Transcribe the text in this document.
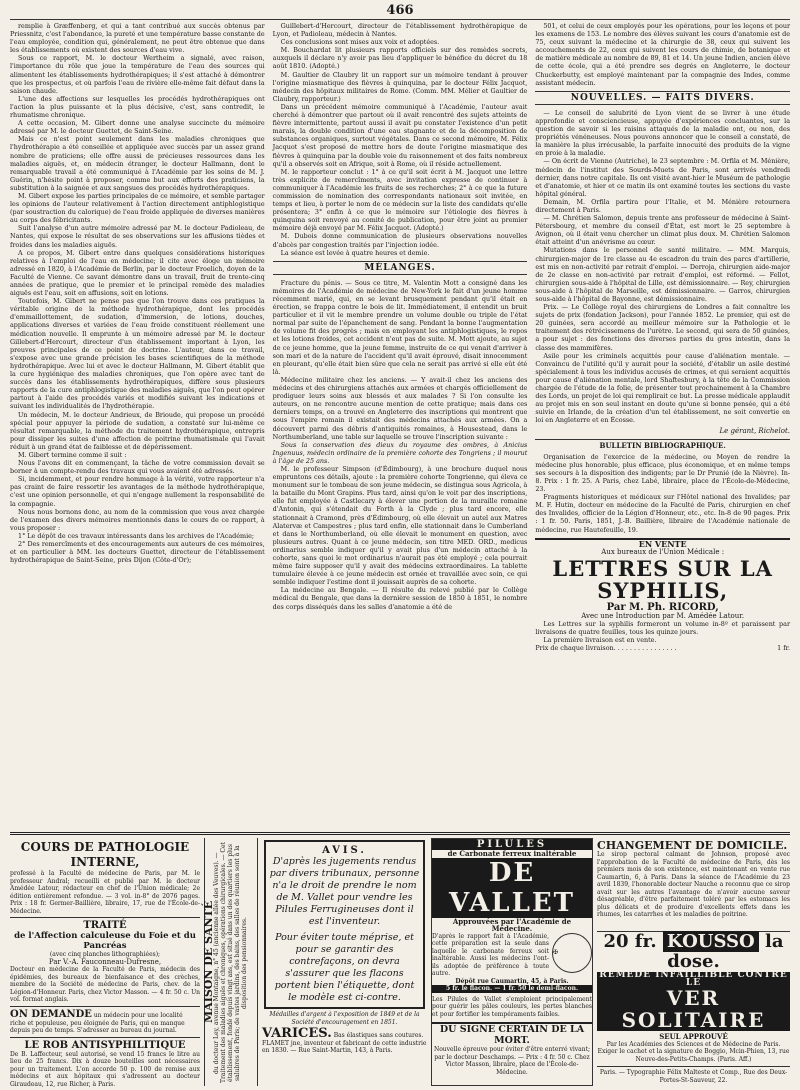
466

remplie à Græffenberg, et qui a tant contribué aux succès obtenus par Priessnitz, c'est l'abondance, la pureté et une température basse constante de l'eau employée, condition qui, généralement, ne peut être obtenue que dans les établissements où existent des sources d'eau vive.

Sous ce rapport, M. le docteur Wertheim a signalé, avec raison, l'importance du rôle que joue la température de l'eau des sources qui alimentent les établissements hydrothérapiques; il s'est attaché à démontrer que les prospectus, et où parfois l'eau de rivière elle-même fait défaut dans la saison chaude.

L'une des affections sur lesquelles les procédés hydrothérapiques ont l'action la plus puissante et la plus décisive, c'est, sans contredit, le rhumatisme chronique.

A cette occasion, M. Gibert donne une analyse succincte du mémoire adressé par M. le docteur Guettet, de Saint-Seine.

Mais ce n'est point seulement dans les maladies chroniques que l'hydrothérapie a été conseillée et appliquée avec succès par un assez grand nombre de praticiens; elle offre aussi de précieuses ressources dans les maladies aiguës, et, en médecin étranger, le docteur Hallmann, dont le remarquable travail a été communiqué à l'Académie par les soins de M. J. Guérin, n'hésite point à proposer, comme but aux efforts des praticiens, la substitution à la saignée et aux sangsues des procédés hydrothérapiques.

M. Gibert expose les parties principales de ce mémoire, et semble partager les opinions de l'auteur relativement à l'action directement antiphlogistique (par soustraction du calorique) de l'eau froide appliquée de diverses manières au corps des fébricitants.

Suit l'analyse d'un autre mémoire adressé par M. le docteur Padioleau, de Nantes, qui expose le résultat de ses observations sur les affusions tièdes et froides dans les maladies aiguës.

A ce propos, M. Gibert entre dans quelques considérations historiques relatives à l'emploi de l'eau en médecine; il cite avec éloge un mémoire adressé en 1820, à l'Académie de Berlin, par le docteur Froelich, doyen de la Faculté de Vienne. Ce savant démontre dans un travail, fruit de trente-cinq années de pratique, que le premier et le principal remède des maladies aiguës est l'eau, soit en affusions, soit en lotions.

Toutefois, M. Gibert ne pense pas que l'on trouve dans ces pratiques la véritable origine de la méthode hydrothérapique, dont les procédés d'emmaillottement, de sudation, d'immersion, de lotions, douches, applications diverses et variées de l'eau froide constituent réellement une médication nouvelle. Il emprunte à un mémoire adressé par M. le docteur Gillebert-d'Hercourt, directeur d'un établissement important à Lyon, les preuves principales de ce point de doctrine. L'auteur, dans ce travail, s'expose avec une grande précision les bases scientifiques de la méthode hydrothérapique. Avec lui et avec le docteur Hallmann, M. Gibert établit que la cure hygiénique des maladies chroniques, que l'on opère avec tant de succès dans les établissements hydrothérapiques, diffère sous plusieurs rapports de la cure antiphlogistique des maladies aiguës, que l'on peut opérer partout à l'aide des procédés variés et modifiés suivant les indications et suivant les individualités de l'hydrothérapie.

Un médecin, M. le docteur Andrieux, de Brioude, qui propose un procédé spécial pour appuyer la période de sudation, a constaté sur lui-même ce résultat remarquable, la méthode du traitement hydrothérapique, entrepris pour dissiper les suites d'une affection de poitrine rhumatismale qui l'avait réduit à un grand état de faiblesse et de dépérissement.

M. Gibert termine comme il suit :

Nous l'avons dit en commençant, la tâche de votre commission devait se borner à un compte-rendu des travaux qui vous avaient été adressés.

Si, incidemment, et pour rendre hommage à la vérité, votre rapporteur n'a pas craint de faire ressortir les avantages de la méthode hydrothérapique, c'est une opinion personnelle, et qui n'engage nullement la responsabilité de la compagnie.

Nous nous bornons donc, au nom de la commission que vous avez chargée de l'examen des divers mémoires mentionnés dans le cours de ce rapport, à vous proposer :

1° Le dépôt de ces travaux intéressants dans les archives de l'Académie;

2° Des remercîments et des encouragements aux auteurs de ces mémoires, et en particulier à MM. les docteurs Guettet, directeur de l'établissement hydrothérapique de Saint-Seine, près Dijon (Côte-d'Or);

Guillebert-d'Hercourt, directeur de l'établissement hydrothérapique de Lyon, et Padioleau, médecin à Nantes.

Ces conclusions sont mises aux voix et adoptées.

M. Bouchardat lit plusieurs rapports officiels sur des remèdes secrets, auxquels il déclare n'y avoir pas lieu d'appliquer le bénéfice du décret du 18 août 1810. (Adopté.)

M. Gaultier de Claubry lit un rapport sur un mémoire tendant à prouver l'origine miasmatique des fièvres à quinquina, par le docteur Félix Jacquot, médecin des hôpitaux militaires de Rome. (Comm. MM. Mélier et Gaultier de Claubry, rapporteur.)

Dans un précédent mémoire communiqué à l'Académie, l'auteur avait cherché à démontrer que partout où il avait rencontré des sujets atteints de fièvre intermittente, partout aussi il avait pu constater l'existence d'un petit marais, la double condition d'une eau stagnante et de la décomposition de substances organiques, surtout végétales. Dans ce second mémoire, M. Félix Jacquot s'est proposé de mettre hors de doute l'origine miasmatique des fièvres à quinquina par la double voie du raisonnement et des faits nombreux qu'il a observés soit en Afrique, soit à Rome, où il réside actuellement.

M. le rapporteur conclut : 1° à ce qu'il soit écrit à M. Jacquot une lettre très explicite de remercîments, avec invitation expresse de continuer à communiquer à l'Académie les fruits de ses recherches; 2° à ce que la future commission de nomination des correspondants nationaux soit invitée, en temps et lieu, à porter le nom de ce médecin sur la liste des candidats qu'elle présentera; 3° enfin à ce que le mémoire sur l'étiologie des fièvres à quinquina soit renvoyé au comité de publication, pour être joint au premier mémoire déjà envoyé par M. Félix Jacquot. (Adopté.)

M. Dubois donne communication de plusieurs observations nouvelles d'abcès par congestion traités par l'injection iodée.

La séance est levée à quatre heures et demie.

MÉLANGES.

Fracture du pénis. — Sous ce titre, M. Valentin Mott a consigné dans les mémoires de l'Académie de médecine de New-York le fait d'un jeune homme récemment marié, qui, en se levant brusquement pendant qu'il était en érection, se frappa contre le bois de lit. Immédiatement, il entendit un bruit particulier et il vit le membre prendre un volume double ou triple de l'état normal par suite de l'épanchement de sang. Pendant la bonne l'augmentation de volume fit des progrès ; mais en employant les antiphlogistiques, le repos et les lotions froides, cet accident n'eut pas de suite. M. Mott ajoute, au sujet de ce jeune homme, que la jeune femme, instruite de ce qui venait d'arriver à son mari et de la nature de l'accident qu'il avait éprouvé, disait innocemment en pleurant, qu'elle était bien sûre que cela ne serait pas arrivé si elle eût été là.

Médecine militaire chez les anciens. — Y avait-il chez les anciens des médecins et des chirurgiens attachés aux armées et chargés officiellement de prodiguer leurs soins aux blessés et aux malades ? Si l'on consulte les auteurs, on ne rencontre aucune mention de cette pratique; mais dans ces derniers temps, on a trouvé en Angleterre des inscriptions qui montrent que sous l'empire romain il existait des médecins attachés aux armées. On a découvert parmi des débris d'antiquités romaines, à Housestead, dans le Northumberland, une table sur laquelle se trouve l'inscription suivante :

Sous la conservation des dieux du royaume des ombres, à Anicius Ingenuus, médecin ordinaire de la première cohorte des Tongriens ; il mourut à l'âge de 25 ans.

M. le professeur Simpson (d'Édimbourg), à une brochure duquel nous empruntons ces détails, ajoute : la première cohorte Tongrienne, qui éleva ce monument sur le tombeau de son jeune médecin, se distingua sous Agricola, à la bataille du Mont Grapins. Plus tard, ainsi qu'on le voit par des inscriptions, elle fut employée à Castlecary à élever une portion de la muraille romaine d'Antonin, qui s'étendait du Forth à la Clyde ; plus tard encore, elle stationnait à Cramond, près d'Édimbourg, où elle élevait un autel aux Matres Alatervæ et Campestres ; plus tard enfin, elle stationnait dans le Cumberland et dans le Northumberland, où elle élevait le monument en question, avec plusieurs autres. Quant à ce jeune médecin, son titre MED. ORD., medicus ordinarius semble indiquer qu'il y avait plus d'un médecin attaché à la cohorte, sans quoi le mot ordinarius n'aurait pas été employé ; cela pourrait même faire supposer qu'il y avait des médecins extraordinaires. La tablette tumulaire élevée à ce jeune médecin est ornée et travaillée avec soin, ce qui semble indiquer l'estime dont il jouissait auprès de sa cohorte.

La médecine au Bengale. — Il résulte du relevé publié par le Collège médical du Bengale, que dans la dernière session de 1850 à 1851, le nombre des corps disséqués dans les salles d'anatomie a été de

501, et celui de ceux employés pour les opérations, pour les leçons et pour les examens de 153. Le nombre des élèves suivant les cours d'anatomie est de 75, ceux suivant la médecine et la chirurgie de 38, ceux qui suivent les accouchements de 22, ceux qui suivent les cours de chimie, de botanique et de matière médicale au nombre de 89, 81 et 14. Un jeune Indien, ancien élève de cette école, qui a été prendre ses degrés en Angleterre, le docteur Chuckerbutty, est employé maintenant par la compagnie des Indes, comme assistant médecin.

NOUVELLES. — FAITS DIVERS.

— Le conseil de salubrité de Lyon vient de se livrer à une étude approfondie et consciencieuse, appuyée d'expériences concluantes, sur la question de savoir si les raisins attaqués de la maladie ont, ou non, des propriétés vénéneuses. Nous pouvons annoncer que le conseil a constaté, de la manière la plus irrécusable, la parfaite innocuité des produits de la vigne en proie à la maladie.

— On écrit de Vienne (Autriche), le 23 septembre : M. Orfila et M. Ménière, médecin de l'institut des Sourds-Muets de Paris, sont arrivés vendredi dernier, dans notre capitale. Ils ont visité avant-hier le Muséum de pathologie et d'anatomie, et hier et ce matin ils ont examiné toutes les sections du vaste hôpital général.

Demain, M. Orfila partira pour l'Italie, et M. Ménière retournera directement à Paris.

— M. Chrétien Salomon, depuis trente ans professeur de médecine à Saint-Pétersbourg, et membre du conseil d'État, est mort le 25 septembre à Avignon, où il était venu chercher un climat plus doux. M. Chrétien Salomon était atteint d'un anévrisme au cœur.

Mutations dans le personnel de santé militaire. — MM. Marquis, chirurgien-major de 1re classe au 4e escadron du train des parcs d'artillerie, est mis en non-activité par retrait d'emploi. — Derroja, chirurgien aide-major de 2e classe en non-activité par retrait d'emploi, est réformé. — Fellot, chirurgien sous-aide à l'hôpital de Lille, est démissionnaire. — Rey, chirurgien sous-aide à l'hôpital de Marseille, est démissionnaire. — Garros, chirurgien sous-aide à l'hôpital de Bayonne, est démissionnaire.

Prix. — Le Collège royal des chirurgiens de Londres a fait connaître les sujets de prix (fondation Jackson), pour l'année 1852. Le premier, qui est de 20 guinées, sera accordé au meilleur mémoire sur la Pathologie et le traitement des rétrécissemens de l'urètre. Le second, qui sera de 50 guinées, a pour sujet : des fonctions des diverses parties du gros intestin, dans la classe des mammifères.

Asile pour les criminels acquittés pour cause d'aliénation mentale. — Convaincu de l'utilité qu'il y aurait pour la société, d'établir un asile destiné spécialement à tous les individus accusés de crimes, et qui seraient acquittés pour cause d'aliénation mentale, lord Shaftesbury, à la tête de la Commission chargée de l'étude de la folie, de présenter tout prochainement à la Chambre des Lords, un projet de loi qui remplirait ce but. La presse médicale applaudit au projet mis en son seul instant en doute qu'une si bonne pensée, qui a été suivie en Irlande, de la création d'un tel établissement, ne soit convertie en loi en Angleterre et en Écosse.

Le gérant, Richelot.
BULLETIN BIBLIOGRAPHIQUE.

Organisation de l'exercice de la médecine, ou Moyen de rendre la médecine plus honorable, plus efficace, plus économique, et en même temps ses secours à la disposition des indigents; par le Dr Prunié (de la Nièvre). In-8. Prix : 1 fr. 25. A Paris, chez Labé, libraire, place de l'École-de-Médecine, 23.

Fragments historiques et médicaux sur l'Hôtel national des Invalides; par M. F. Hutin, docteur en médecine de la Faculté de Paris, chirurgien en chef des Invalides, officier de la Légion d'Honneur, etc., etc. In-8 de 90 pages. Prix : 1 fr. 50. Paris, 1851, J.-B. Baillière, libraire de l'Académie nationale de médecine, rue Hautefeuille, 19.

EN VENTE
Aux bureaux de l'Union Médicale :
LETTRES SUR LA SYPHILIS,
Par M. Ph. RICORD,
Avec une Introduction par M. Amédée Latour.

Les Lettres sur la syphilis formeront un volume in-8º et paraissent par livraisons de quatre feuilles, tous les quinze jours.

La première livraison est en vente.

Prix de chaque livraison. . . . . . . . . . . . . . . .	1 fr.
COURS DE PATHOLOGIE INTERNE,
professé à la Faculté de médecine de Paris, par M. le professeur Andral; recueilli et publié par M. le docteur Amédée Latour, rédacteur en chef de l'Union médicale; 2e édition entièrement refondue. — 3 vol. in-8° de 2076 pages. Prix : 18 fr. Germer-Baillière, libraire, 17, rue de l'École-de-Médecine.
TRAITÉ
de l'Affection calculeuse du Foie et du Pancréas
(avec cinq planches lithographiées);
Par V.-A. Fauconneau-Dufresne,
Docteur en médecine de la Faculté de Paris, médecin des épidémies, des bureaux de bienfaisance et des crèches, membre de la Société de médecine de Paris, chev. de la Légion-d'Honneur. Paris, chez Victor Masson. — 4 fr. 50 c. Un vol. format anglais.
ON DEMANDE un médecin pour une localité riche et populeuse, peu éloignée de Paris, qui en manque depuis peu de temps. S'adresser au bureau du journal.
LE ROB ANTISYPHILITIQUE
De B. Laffecteur, seul autorisé, se vend 15 francs le litre au lieu de 25 francs. Dix à douze bouteilles sont nécessaires pour un traitement. L'on accorde 50 p. 100 de remise aux médecins et aux hôpitaux qui s'adressent au docteur Giraudeau, 12, rue Richer, à Paris.
MAISON DE SANTÉ
du docteur Ley, avenue Montaigne, n° 45 (ancienne allée des Veuves). — Traitement des maladies aiguës et chroniques, opérations chirurgicales. — Cet établissement, fondé depuis vingt ans, est situé dans un des quartiers les plus salubres de Paris; de vastes jardins, des bains, des salles de réunion sont à la disposition des pensionnaires.
AVIS.
D'après les jugements rendus par divers tribunaux, personne n'a le droit de prendre le nom de M. Vallet pour vendre les Pilules Ferrugineuses dont il est l'inventeur.
Pour éviter toute méprise, et pour se garantir des contrefaçons, on devra s'assurer que les flacons portent bien l'étiquette, dont le modèle est ci-contre.
Médailles d'argent à l'exposition de 1849 et de la Société d'encouragement en 1851.
VARICES. Bas élastiques sans coutures. FLAMET jne, inventeur et fabricant de cette industrie en 1830. — Rue Saint-Martin, 143, à Paris.
PILULES
de Carbonate ferreux inaltérable
DE VALLET
Approuvées par l'Académie de Médecine.
D'après le rapport fait à l'Académie, cette préparation est la seule dans laquelle le carbonate ferreux soit inaltérable. Aussi les médecins l'ont-ils adoptée de préférence à toute autre.
✠
Dépôt rue Caumartin, 45, à Paris.
5 fr. le flacon. — 1 fr. 50 le demi-flacon.
Les Pilules de Vallet s'emploient principalement pour guérir les pâles couleurs, les pertes blanches et pour fortifier les tempéraments faibles.
DU SIGNE CERTAIN DE LA MORT.
Nouvelle épreuve pour éviter d'être enterré vivant; par le docteur Deschamps. — Prix : 4 fr. 50 c. Chez Victor Masson, libraire, place de l'École-de-Médecine.
CHANGEMENT DE DOMICILE.
Le sirop pectoral calmant de Johnson, proposé avec l'approbation de la Faculté de médecine de Paris, dès les premiers mois de son existence, est maintenant en vente rue Caumartin, 6, à Paris. Dans la séance de l'Académie du 23 avril 1839, l'honorable docteur Nauche a reconnu que ce sirop avait sur les autres l'avantage de n'avoir aucune saveur désagréable, d'être parfaitement toléré par les estomacs les plus délicats et de produire d'excellents effets dans les rhumes, les catarrhes et les maladies de poitrine.
20 fr. KOUSSO la dose.
REMÈDE INFAILLIBLE CONTRE LE
VER SOLITAIRE
SEUL APPROUVÉ
Par les Académies des Sciences et de Médecine de Paris. Exiger le cachet et la signature de Boggio, Mcin-Phien, 13, rue Neuve-des-Petits-Champs. (Paris. Aff.)
Paris. — Typographie Félix Malteste et Comp., Rue des Deux-Portes-St-Sauveur, 22.
